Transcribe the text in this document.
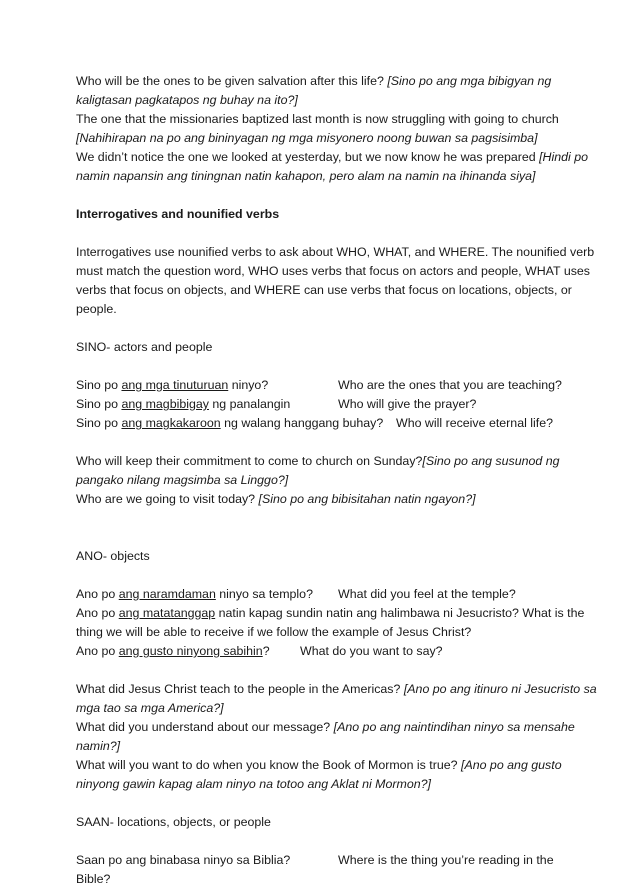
Who will be the ones to be given salvation after this life? [Sino po ang mga bibigyan ng
kaligtasan pagkatapos ng buhay na ito?]
The one that the missionaries baptized last month is now struggling with going to church
[Nahihirapan na po ang bininyagan ng mga misyonero noong buwan sa pagsisimba]
We didn’t notice the one we looked at yesterday, but we now know he was prepared [Hindi po
namin napansin ang tiningnan natin kahapon, pero alam na namin na ihinanda siya]
Interrogatives and nounified verbs
Interrogatives use nounified verbs to ask about WHO, WHAT, and WHERE. The nounified verb
must match the question word, WHO uses verbs that focus on actors and people, WHAT uses
verbs that focus on objects, and WHERE can use verbs that focus on locations, objects, or
people.
SINO- actors and people
Sino po ang mga tinuturuan ninyo?	Who are the ones that you are teaching?
Sino po ang magbibigay ng panalangin	Who will give the prayer?
Sino po ang magkakaroon ng walang hanggang buhay? Who will receive eternal life?
Who will keep their commitment to come to church on Sunday?[Sino po ang susunod ng
pangako nilang magsimba sa Linggo?]
Who are we going to visit today? [Sino po ang bibisitahan natin ngayon?]
ANO- objects
Ano po ang naramdaman ninyo sa templo? What did you feel at the temple?
Ano po ang matatanggap natin kapag sundin natin ang halimbawa ni Jesucristo? What is the
thing we will be able to receive if we follow the example of Jesus Christ?
Ano po ang gusto ninyong sabihin? What do you want to say?
What did Jesus Christ teach to the people in the Americas? [Ano po ang itinuro ni Jesucristo sa
mga tao sa mga America?]
What did you understand about our message? [Ano po ang naintindihan ninyo sa mensahe
namin?]
What will you want to do when you know the Book of Mormon is true? [Ano po ang gusto
ninyong gawin kapag alam ninyo na totoo ang Aklat ni Mormon?]
SAAN- locations, objects, or people
Saan po ang binabasa ninyo sa Biblia?	Where is the thing you’re reading in the
Bible?
